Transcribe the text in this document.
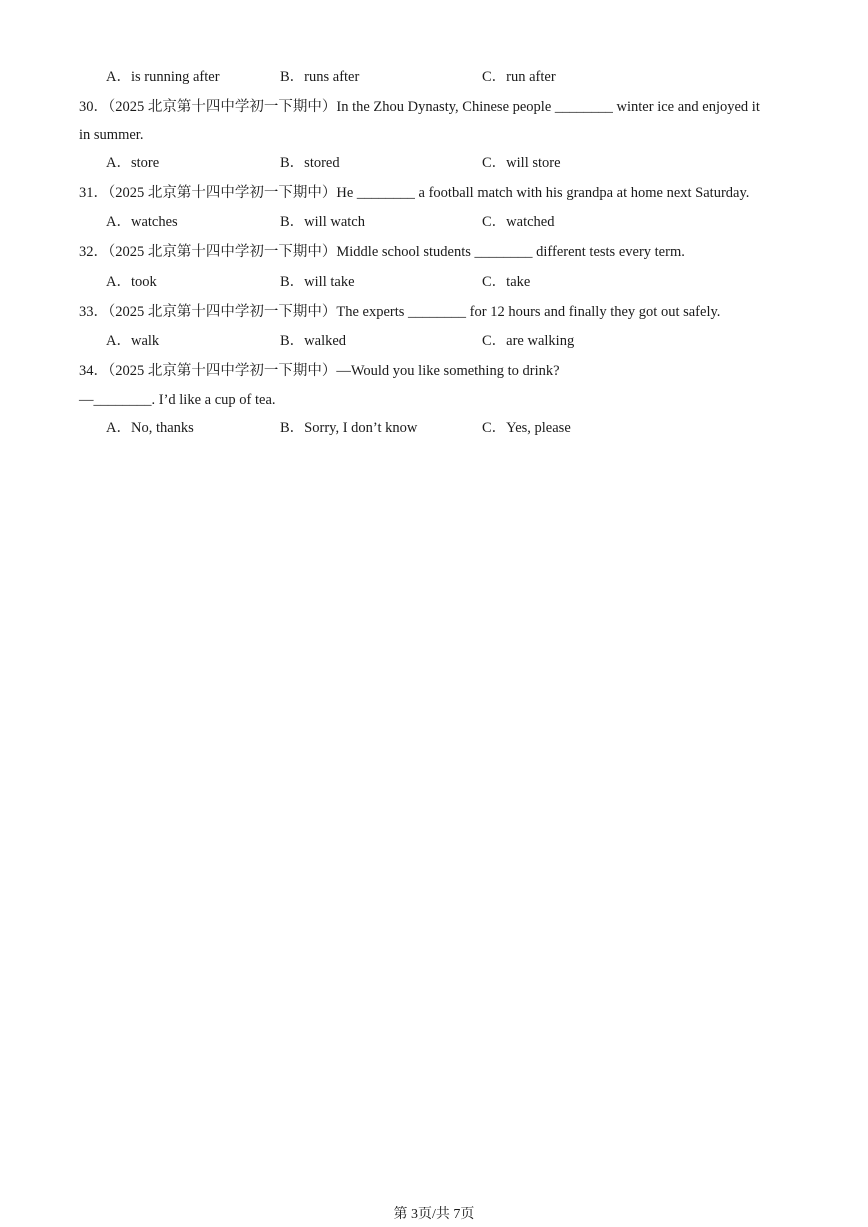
A．is running after	B．runs after	C．run after
30．（2025 北京第十四中学初一下期中）In the Zhou Dynasty, Chinese people ________ winter ice and enjoyed it
in summer.
A．store	B．stored	C．will store
31．（2025 北京第十四中学初一下期中）He ________ a football match with his grandpa at home next Saturday.
A．watches	B．will watch	C．watched
32．（2025 北京第十四中学初一下期中）Middle school students ________ different tests every term.
A．took	B．will take	C．take
33．（2025 北京第十四中学初一下期中）The experts ________ for 12 hours and finally they got out safely.
A．walk	B．walked	C．are walking
34．（2025 北京第十四中学初一下期中）—Would you like something to drink?
—________. I’d like a cup of tea.
A．No, thanks	B．Sorry, I don’t know	C．Yes, please
第 3页/共 7页
